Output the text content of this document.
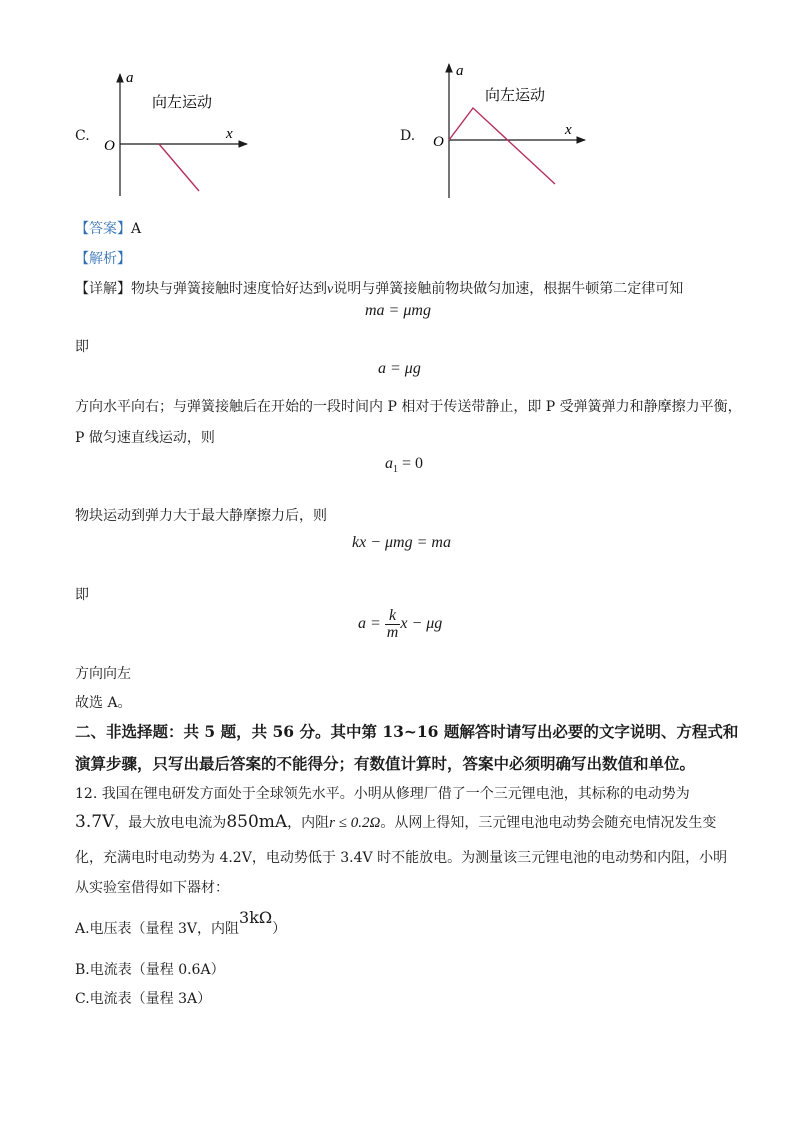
C.
a
x
O
向左运动
D.
a
x
O
向左运动
【答案】A
【解析】
【详解】物块与弹簧接触时速度恰好达到v说明与弹簧接触前物块做匀加速，根据牛顿第二定律可知
ma = μmg
即
a = μg
方向水平向右；与弹簧接触后在开始的一段时间内 P 相对于传送带静止，即 P 受弹簧弹力和静摩擦力平衡，
P 做匀速直线运动，则
$a_1 = 0$
物块运动到弹力大于最大静摩擦力后，则
kx − μmg = ma
即
$a = \frac{k}{m}$ x − μg
方向向左
故选 A。
二、非选择题：共 5 题，共 56 分。其中第 13~16 题解答时请写出必要的文字说明、方程式和
演算步骤，只写出最后答案的不能得分；有数值计算时，答案中必须明确写出数值和单位。
12. 我国在锂电研发方面处于全球领先水平。小明从修理厂借了一个三元锂电池，其标称的电动势为
3.7V，最大放电电流为850mA，内阻r ≤ 0.2Ω。从网上得知，三元锂电池电动势会随充电情况发生变
化，充满电时电动势为 4.2V，电动势低于 3.4V 时不能放电。为测量该三元锂电池的电动势和内阻，小明
从实验室借得如下器材：
A.电压表（量程 3V，内阻3kΩ）
B.电流表（量程 0.6A）
C.电流表（量程 3A）
